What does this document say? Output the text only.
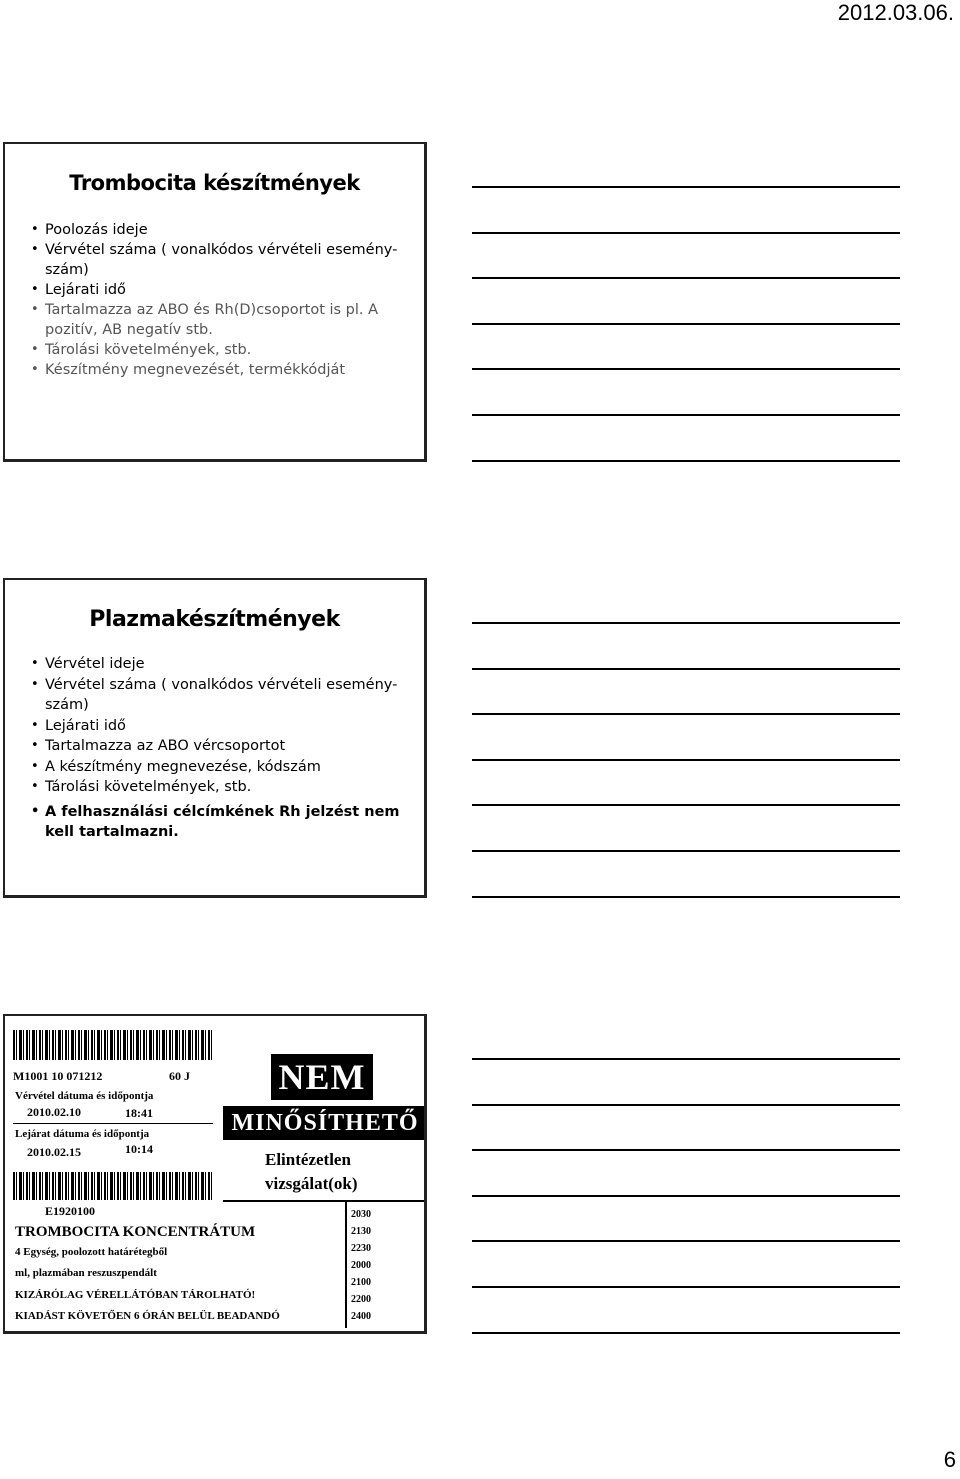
2012.03.06.
Trombocita készítmények
• Poolozás ideje
• Vérvétel száma ( vonalkódos vérvételi esemény-szám)
• Lejárati idő
• Tartalmazza az ABO és Rh(D)csoportot is pl. A pozitív, AB negatív stb.
• Tárolási követelmények, stb.
• Készítmény megnevezését, termékkódját
Plazmakészítmények
• Vérvétel ideje
• Vérvétel száma ( vonalkódos vérvételi esemény-szám)
• Lejárati idő
• Tartalmazza az ABO vércsoportot
• A készítmény megnevezése, kódszám
• Tárolási követelmények, stb.
• A felhasználási célcímkének Rh jelzést nem kell tartalmazni.
M1001 10 071212	60 J
Vérvétel dátuma és időpontja
2010.02.10	18:41
Lejárat dátuma és időpontja
2010.02.15	10:14
E1920100
TROMBOCITA KONCENTRÁTUM
4 Egység, poolozott határétegből
ml, plazmában reszuszpendált
KIZÁRÓLAG VÉRELLÁTÓBAN TÁROLHATÓ!
KIADÁST KÖVETŐEN 6 ÓRÁN BELÜL BEADANDÓ
NEM
MINŐSÍTHETŐ
Elintézetlen
vizsgálat(ok)
2030
2130
2230
2000
2100
2200
2400
6
